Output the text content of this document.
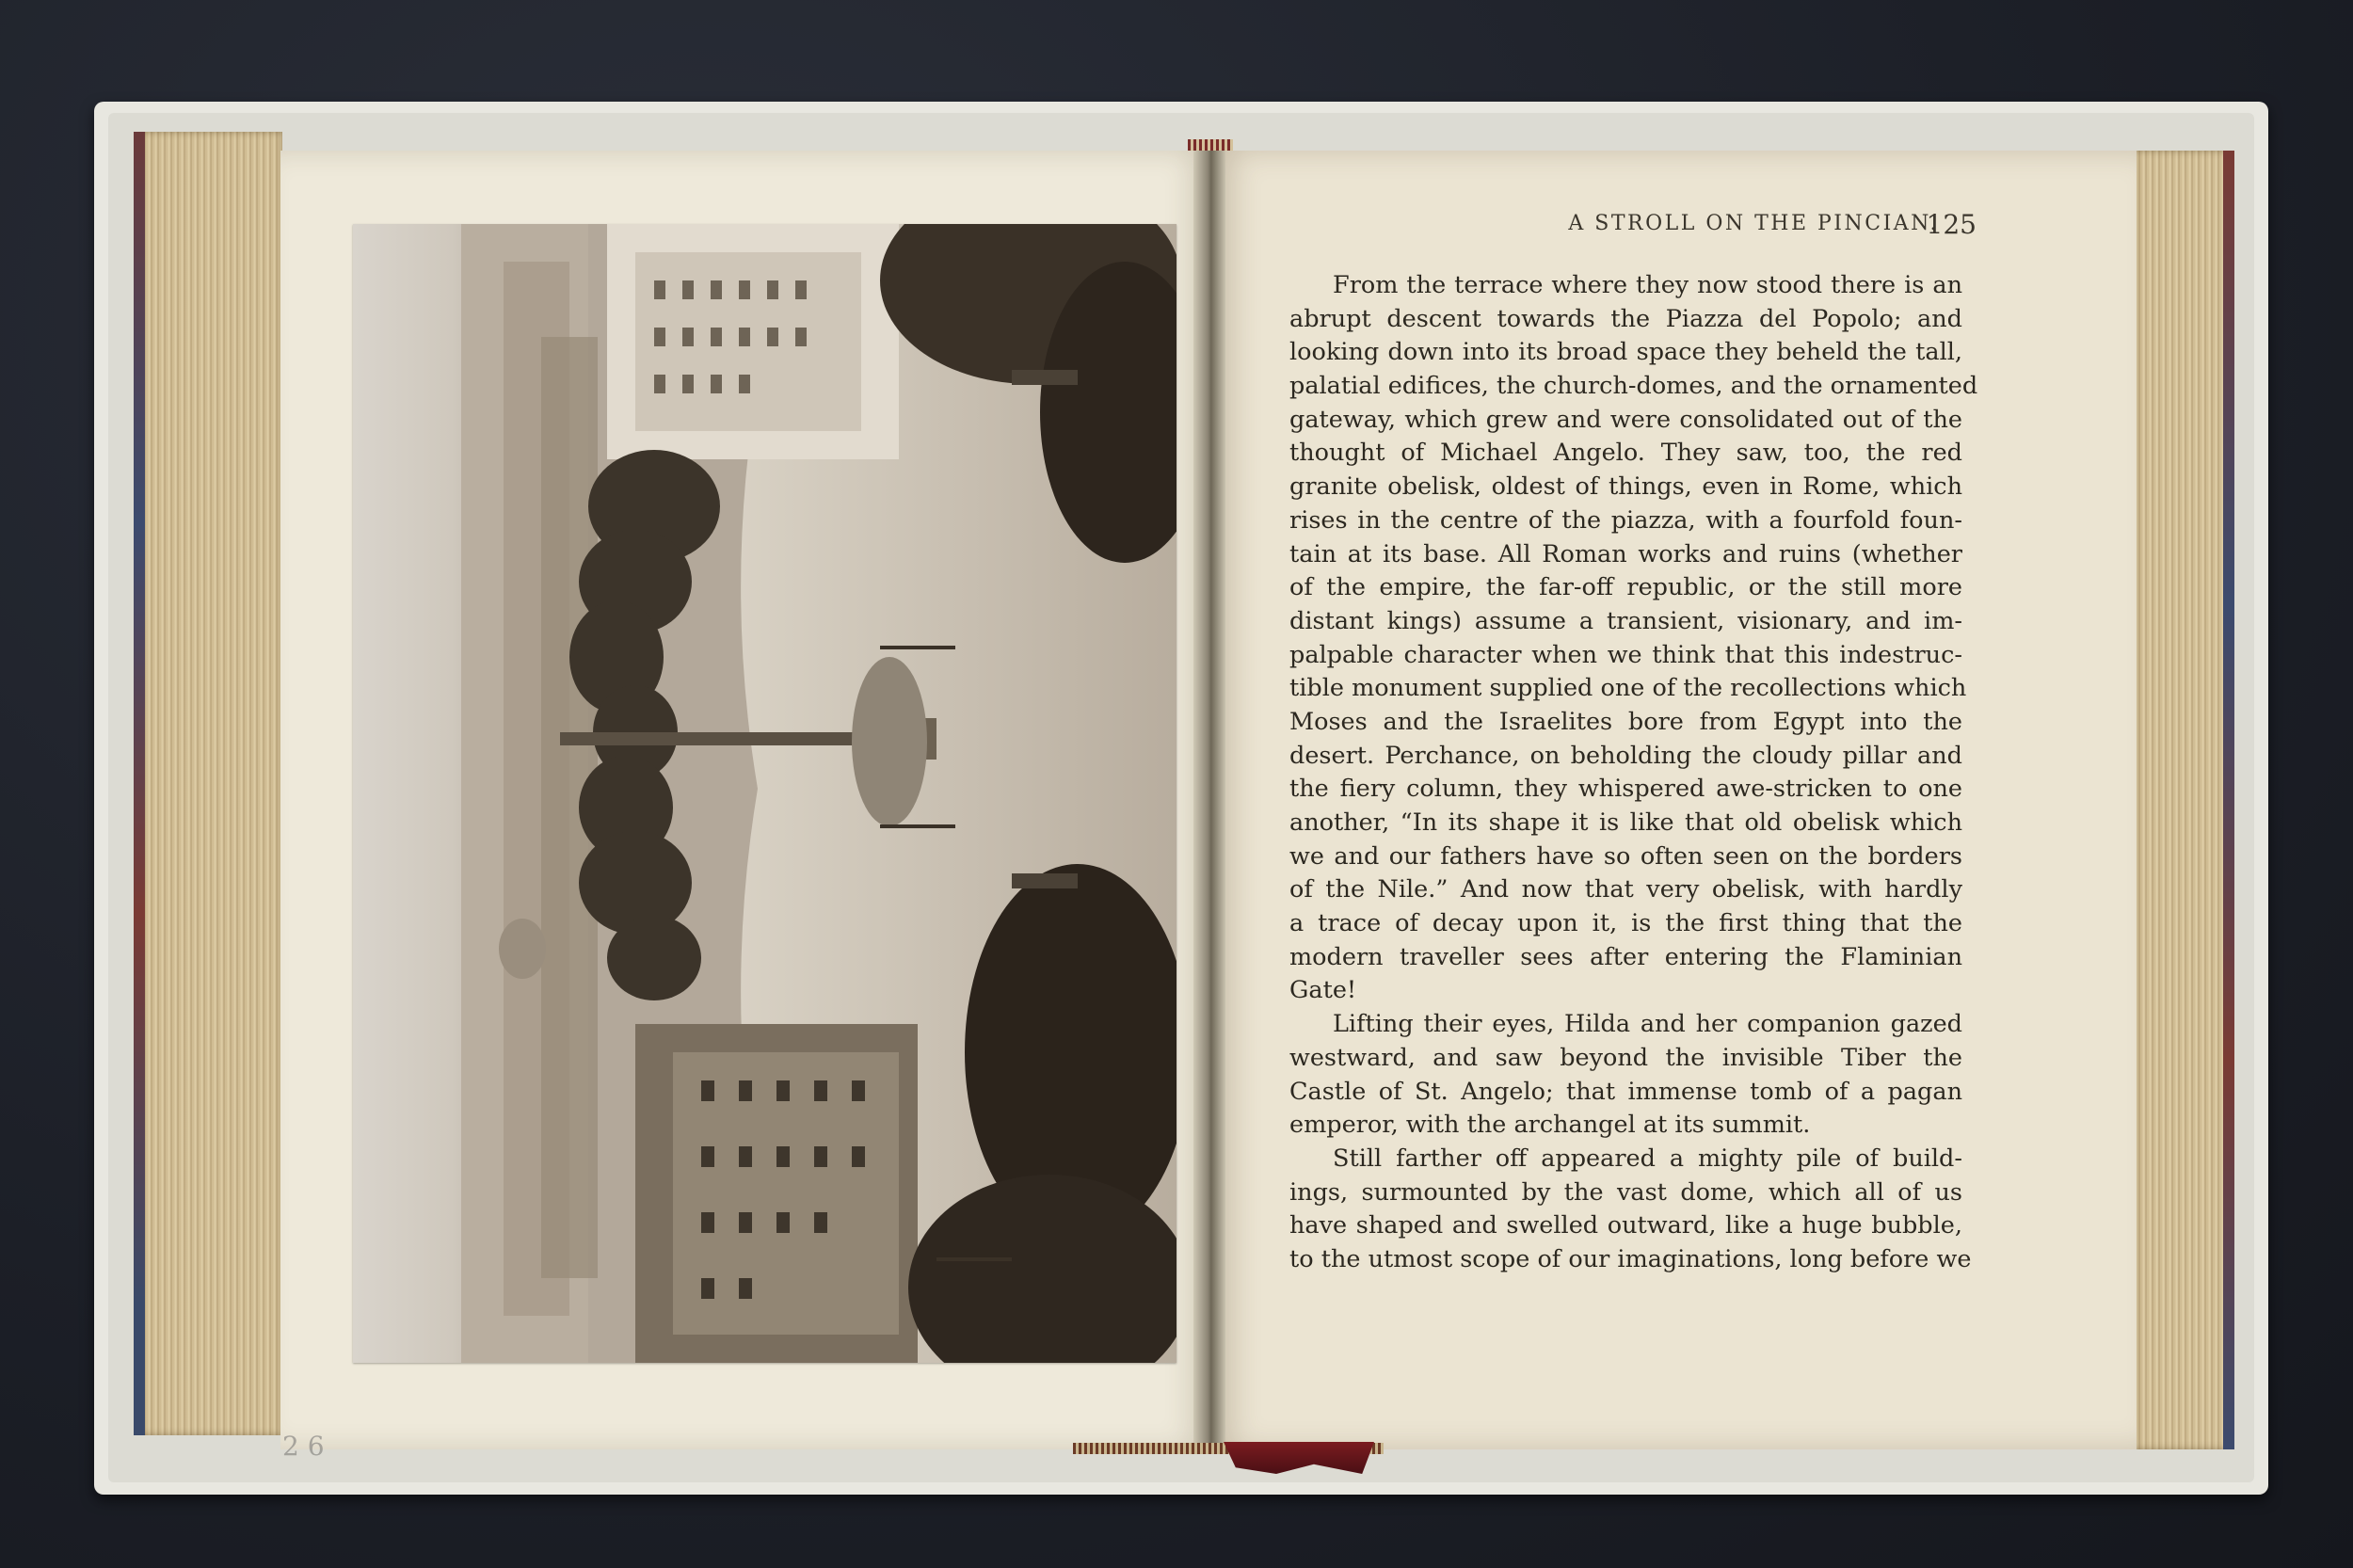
A STROLL ON THE PINCIAN.
125
From the terrace where they now stood there is an
abrupt descent towards the Piazza del Popolo; and
looking down into its broad space they beheld the tall,
palatial edifices, the church-domes, and the ornamented
gateway, which grew and were consolidated out of the
thought of Michael Angelo. They saw, too, the red
granite obelisk, oldest of things, even in Rome, which
rises in the centre of the piazza, with a fourfold foun-
tain at its base. All Roman works and ruins (whether
of the empire, the far-off republic, or the still more
distant kings) assume a transient, visionary, and im-
palpable character when we think that this indestruc-
tible monument supplied one of the recollections which
Moses and the Israelites bore from Egypt into the
desert. Perchance, on beholding the cloudy pillar and
the fiery column, they whispered awe-stricken to one
another, “In its shape it is like that old obelisk which
we and our fathers have so often seen on the borders
of the Nile.” And now that very obelisk, with hardly
a trace of decay upon it, is the first thing that the
modern traveller sees after entering the Flaminian
Gate!
Lifting their eyes, Hilda and her companion gazed
westward, and saw beyond the invisible Tiber the
Castle of St. Angelo; that immense tomb of a pagan
emperor, with the archangel at its summit.
Still farther off appeared a mighty pile of build-
ings, surmounted by the vast dome, which all of us
have shaped and swelled outward, like a huge bubble,
to the utmost scope of our imaginations, long before we
2 6
